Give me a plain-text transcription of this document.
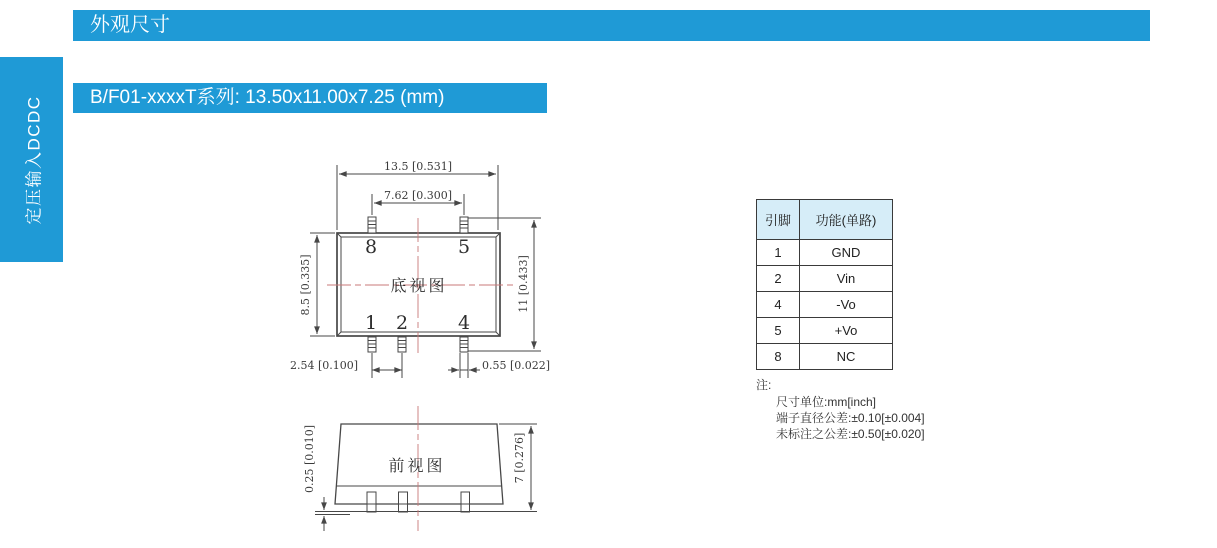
外观尺寸
定压输入DCDC	B/F01-xxxxT系列: 13.50x11.00x7.25 (mm)
13.5 [0.531]
7.62 [0.300]
8.5 [0.335]	11 [0.433]
2.54 [0.100]	0.55 [0.022]
8	5
1 2	4
底视图
0.25 [0.010]	7 [0.276]
前视图
引脚	功能(单路)
1	GND
2	Vin
4	-Vo
5	+Vo
8	NC
注:
尺寸单位:mm[inch]
端子直径公差:±0.10[±0.004]
未标注之公差:±0.50[±0.020]
